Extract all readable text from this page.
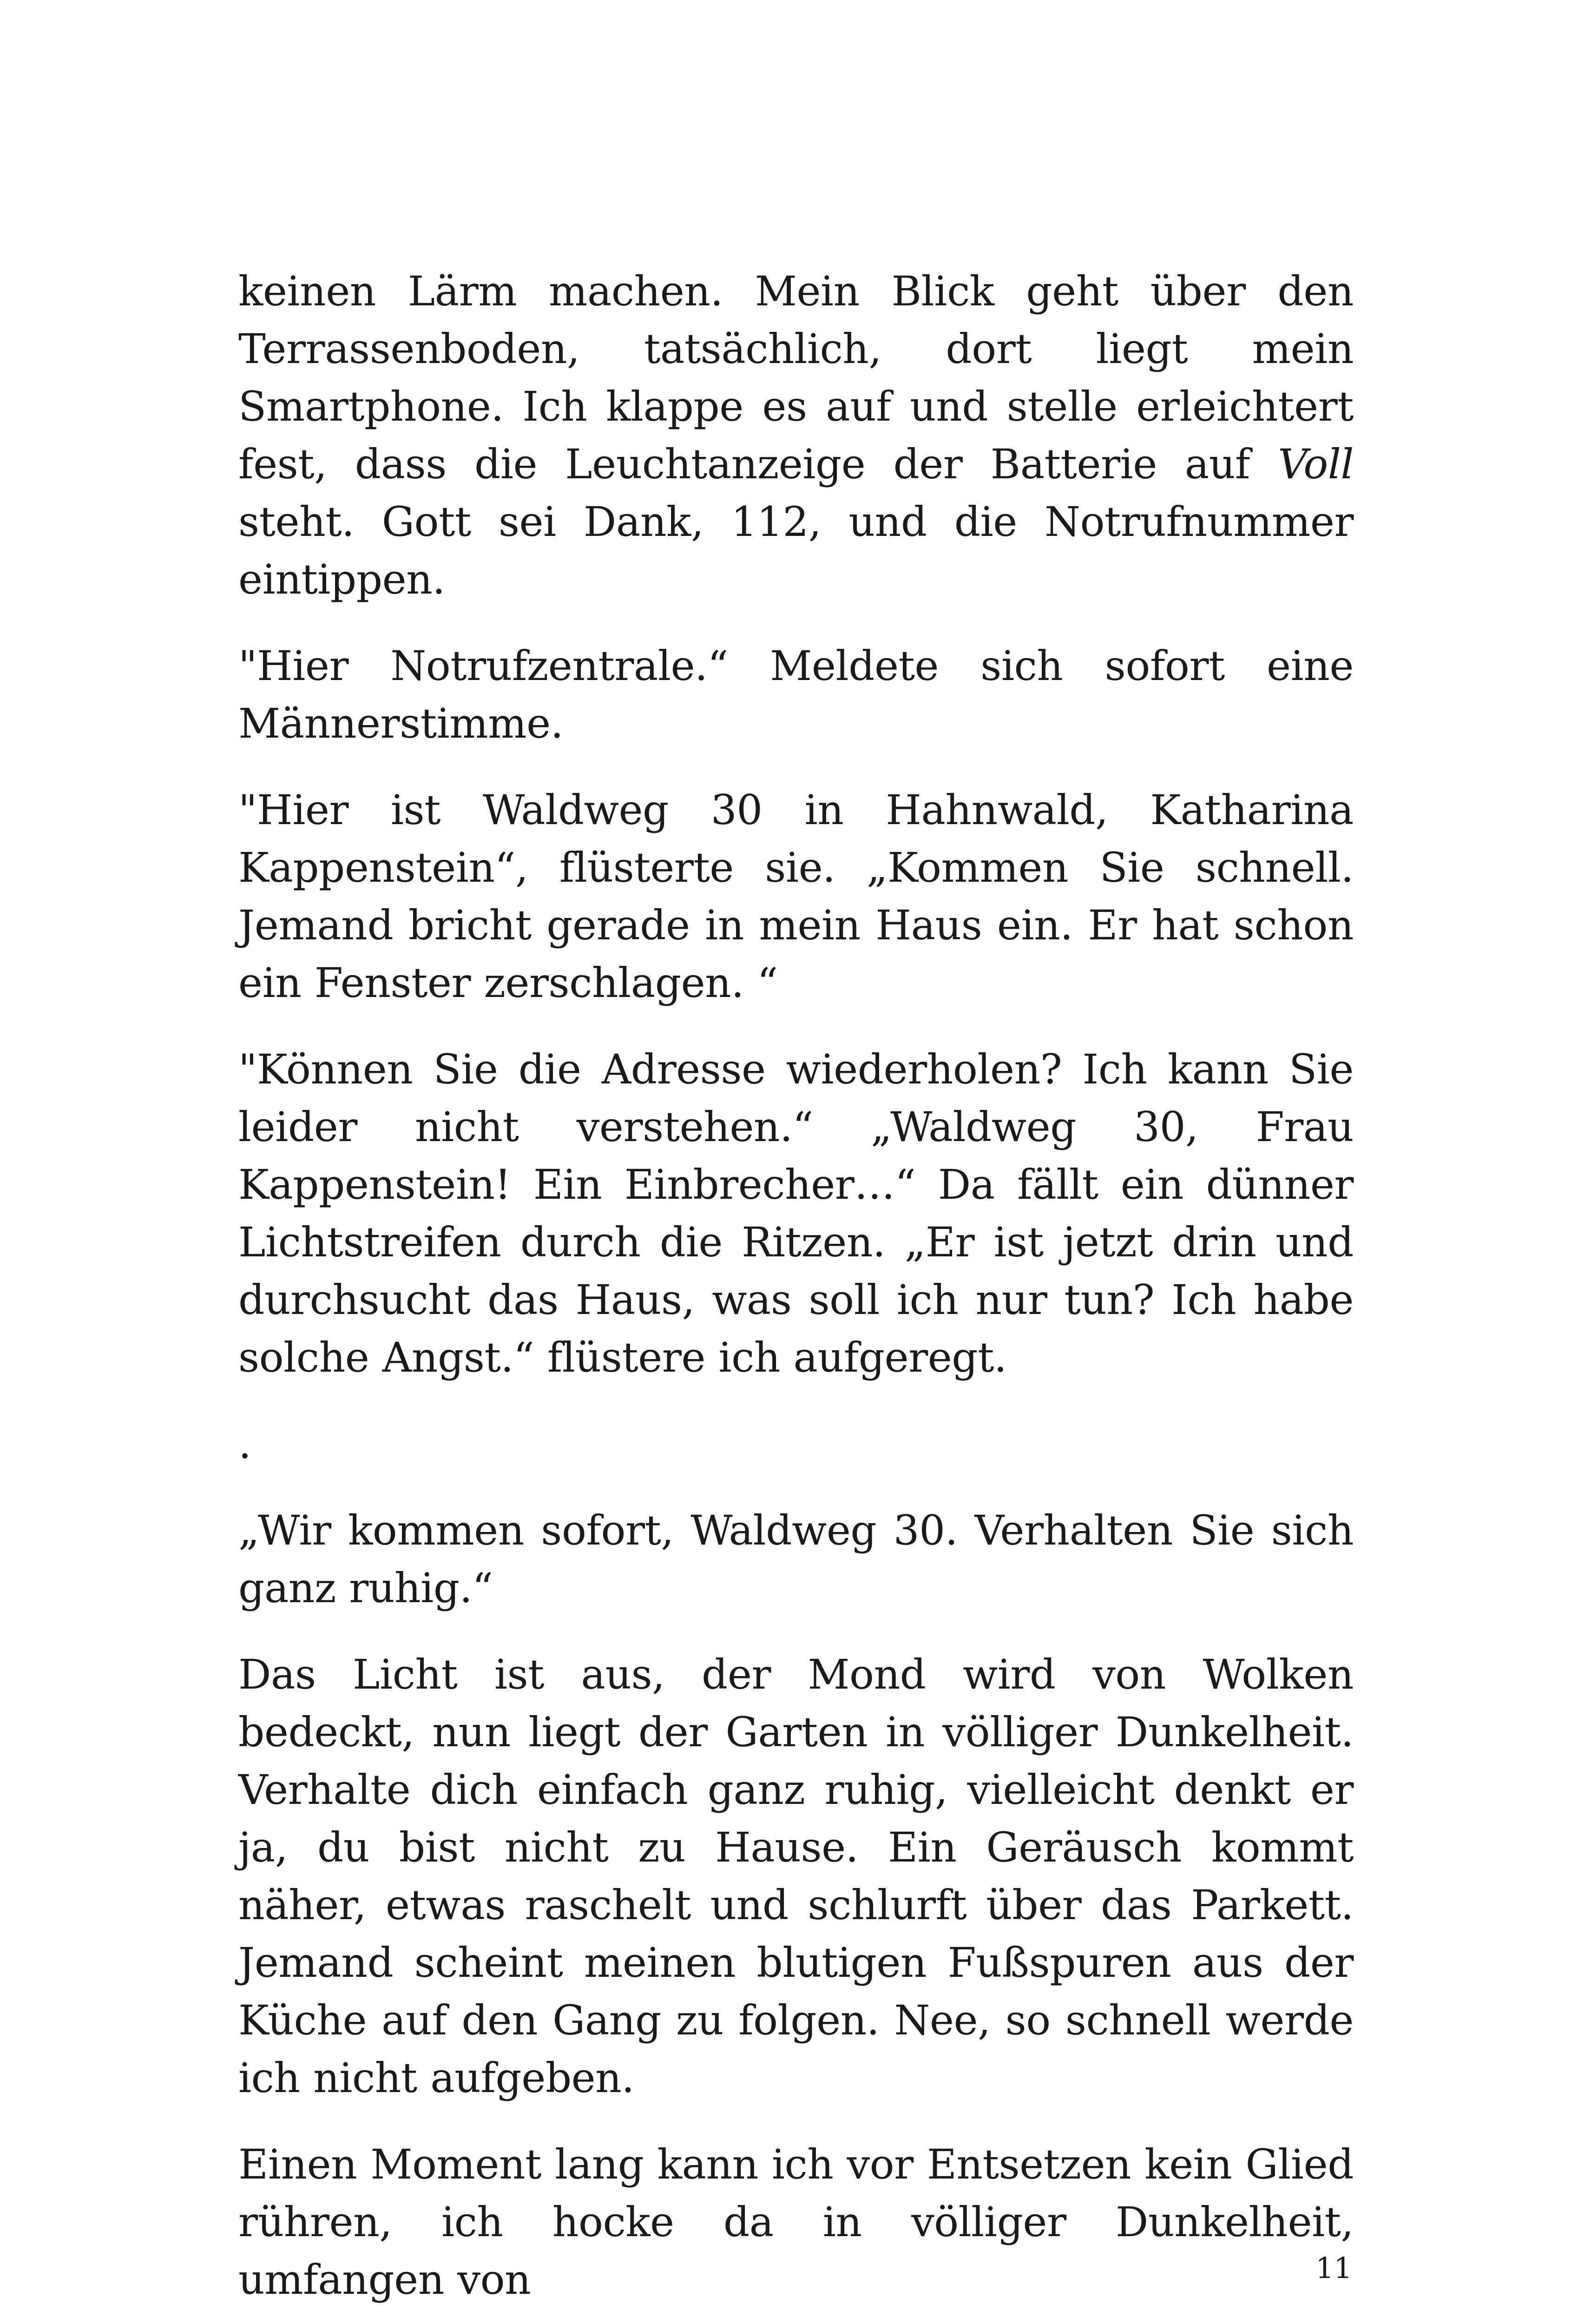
keinen Lärm machen. Mein Blick geht über den Terrassenboden, tatsächlich, dort liegt mein Smartphone. Ich klappe es auf und stelle erleichtert fest, dass die Leuchtanzeige der Batterie auf Voll steht. Gott sei Dank, 112, und die Notrufnummer eintippen.

"Hier Notrufzentrale.“ Meldete sich sofort eine Männerstimme.

"Hier ist Waldweg 30 in Hahnwald, Katharina Kappenstein“, flüsterte sie. „Kommen Sie schnell. Jemand bricht gerade in mein Haus ein. Er hat schon ein Fenster zerschlagen. “

"Können Sie die Adresse wiederholen? Ich kann Sie leider nicht verstehen.“ „Waldweg 30, Frau Kappenstein! Ein Einbrecher…“ Da fällt ein dünner Lichtstreifen durch die Ritzen. „Er ist jetzt drin und durchsucht das Haus, was soll ich nur tun? Ich habe solche Angst.“ flüstere ich aufgeregt.

.

„Wir kommen sofort, Waldweg 30. Verhalten Sie sich ganz ruhig.“

Das Licht ist aus, der Mond wird von Wolken bedeckt, nun liegt der Garten in völliger Dunkelheit. Verhalte dich einfach ganz ruhig, vielleicht denkt er ja, du bist nicht zu Hause. Ein Geräusch kommt näher, etwas raschelt und schlurft über das Parkett. Jemand scheint meinen blutigen Fußspuren aus der Küche auf den Gang zu folgen. Nee, so schnell werde ich nicht aufgeben.

Einen Moment lang kann ich vor Entsetzen kein Glied rühren, ich hocke da in völliger Dunkelheit, umfangen von	11
